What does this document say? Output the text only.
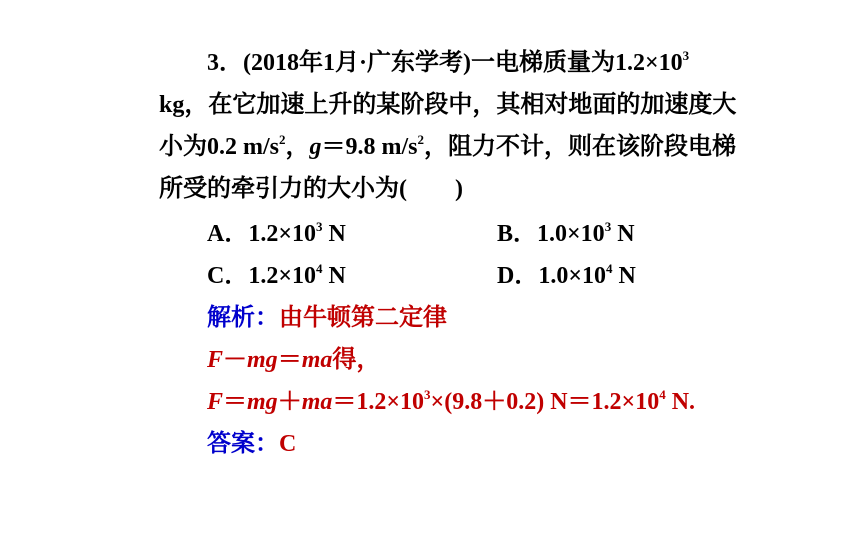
3．(2018年1月·广东学考)一电梯质量为$1.2\times 10^3$
kg，在它加速上升的某阶段中，其相对地面的加速度大
小为0.2 $m/s^2$，g＝9.8 $m/s^2$，阻力不计，则在该阶段电梯
所受的牵引力的大小为(　　)
A．$1.2\times 10^3$ N	B．$1.0\times 10^3$ N
C．$1.2\times 10^4$ N	D．$1.0\times 10^4$ N
解析：由牛顿第二定律
F－mg＝ma得，
$F=mg+ma=1.2\times 10^3\times(9.8+0.2)$ $N=1.2\times 10^4$ N.
答案：C
